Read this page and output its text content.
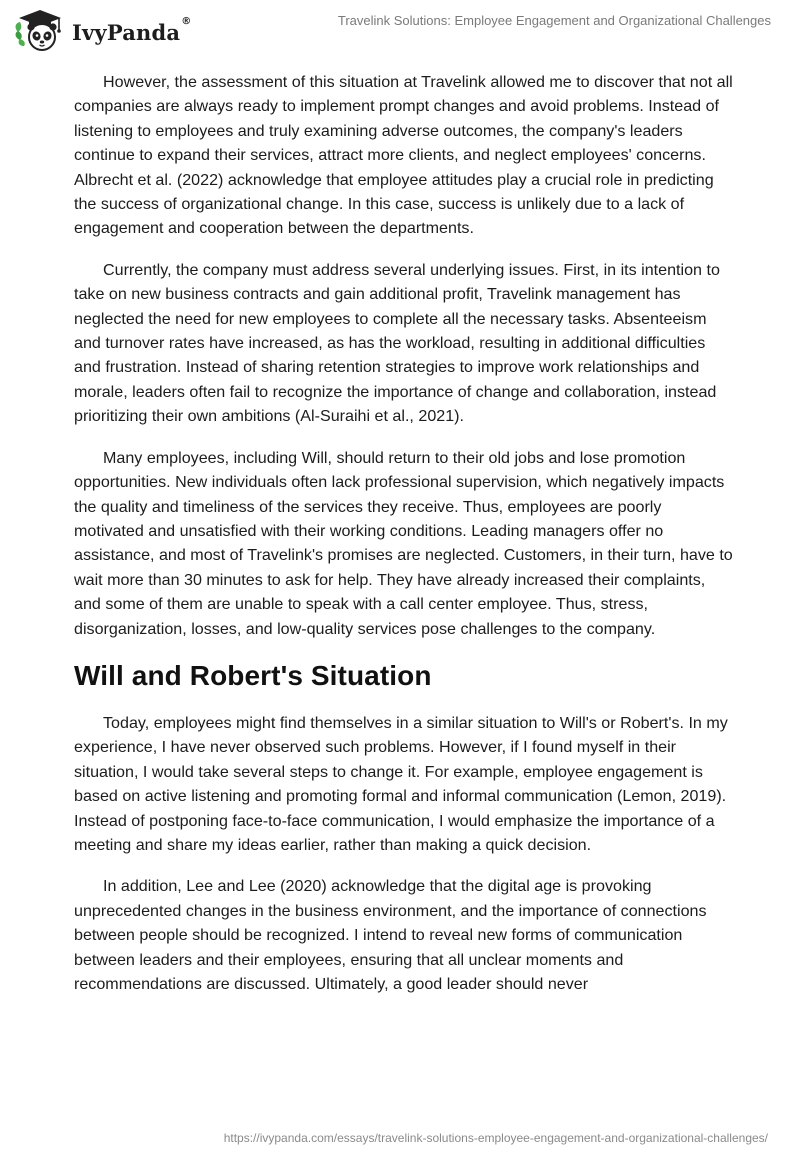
IvyPanda®	Travelink Solutions: Employee Engagement and Organizational Challenges

However, the assessment of this situation at Travelink allowed me to discover that not all companies are always ready to implement prompt changes and avoid problems. Instead of listening to employees and truly examining adverse outcomes, the company's leaders continue to expand their services, attract more clients, and neglect employees' concerns. Albrecht et al. (2022) acknowledge that employee attitudes play a crucial role in predicting the success of organizational change. In this case, success is unlikely due to a lack of engagement and cooperation between the departments.

Currently, the company must address several underlying issues. First, in its intention to take on new business contracts and gain additional profit, Travelink management has neglected the need for new employees to complete all the necessary tasks. Absenteeism and turnover rates have increased, as has the workload, resulting in additional difficulties and frustration. Instead of sharing retention strategies to improve work relationships and morale, leaders often fail to recognize the importance of change and collaboration, instead prioritizing their own ambitions (Al-Suraihi et al., 2021).

Many employees, including Will, should return to their old jobs and lose promotion opportunities. New individuals often lack professional supervision, which negatively impacts the quality and timeliness of the services they receive. Thus, employees are poorly motivated and unsatisfied with their working conditions. Leading managers offer no assistance, and most of Travelink's promises are neglected. Customers, in their turn, have to wait more than 30 minutes to ask for help. They have already increased their complaints, and some of them are unable to speak with a call center employee. Thus, stress, disorganization, losses, and low-quality services pose challenges to the company.

Will and Robert's Situation

Today, employees might find themselves in a similar situation to Will's or Robert's. In my experience, I have never observed such problems. However, if I found myself in their situation, I would take several steps to change it. For example, employee engagement is based on active listening and promoting formal and informal communication (Lemon, 2019). Instead of postponing face-to-face communication, I would emphasize the importance of a meeting and share my ideas earlier, rather than making a quick decision.

In addition, Lee and Lee (2020) acknowledge that the digital age is provoking unprecedented changes in the business environment, and the importance of connections between people should be recognized. I intend to reveal new forms of communication between leaders and their employees, ensuring that all unclear moments and recommendations are discussed. Ultimately, a good leader should never

https://ivypanda.com/essays/travelink-solutions-employee-engagement-and-organizational-challenges/
